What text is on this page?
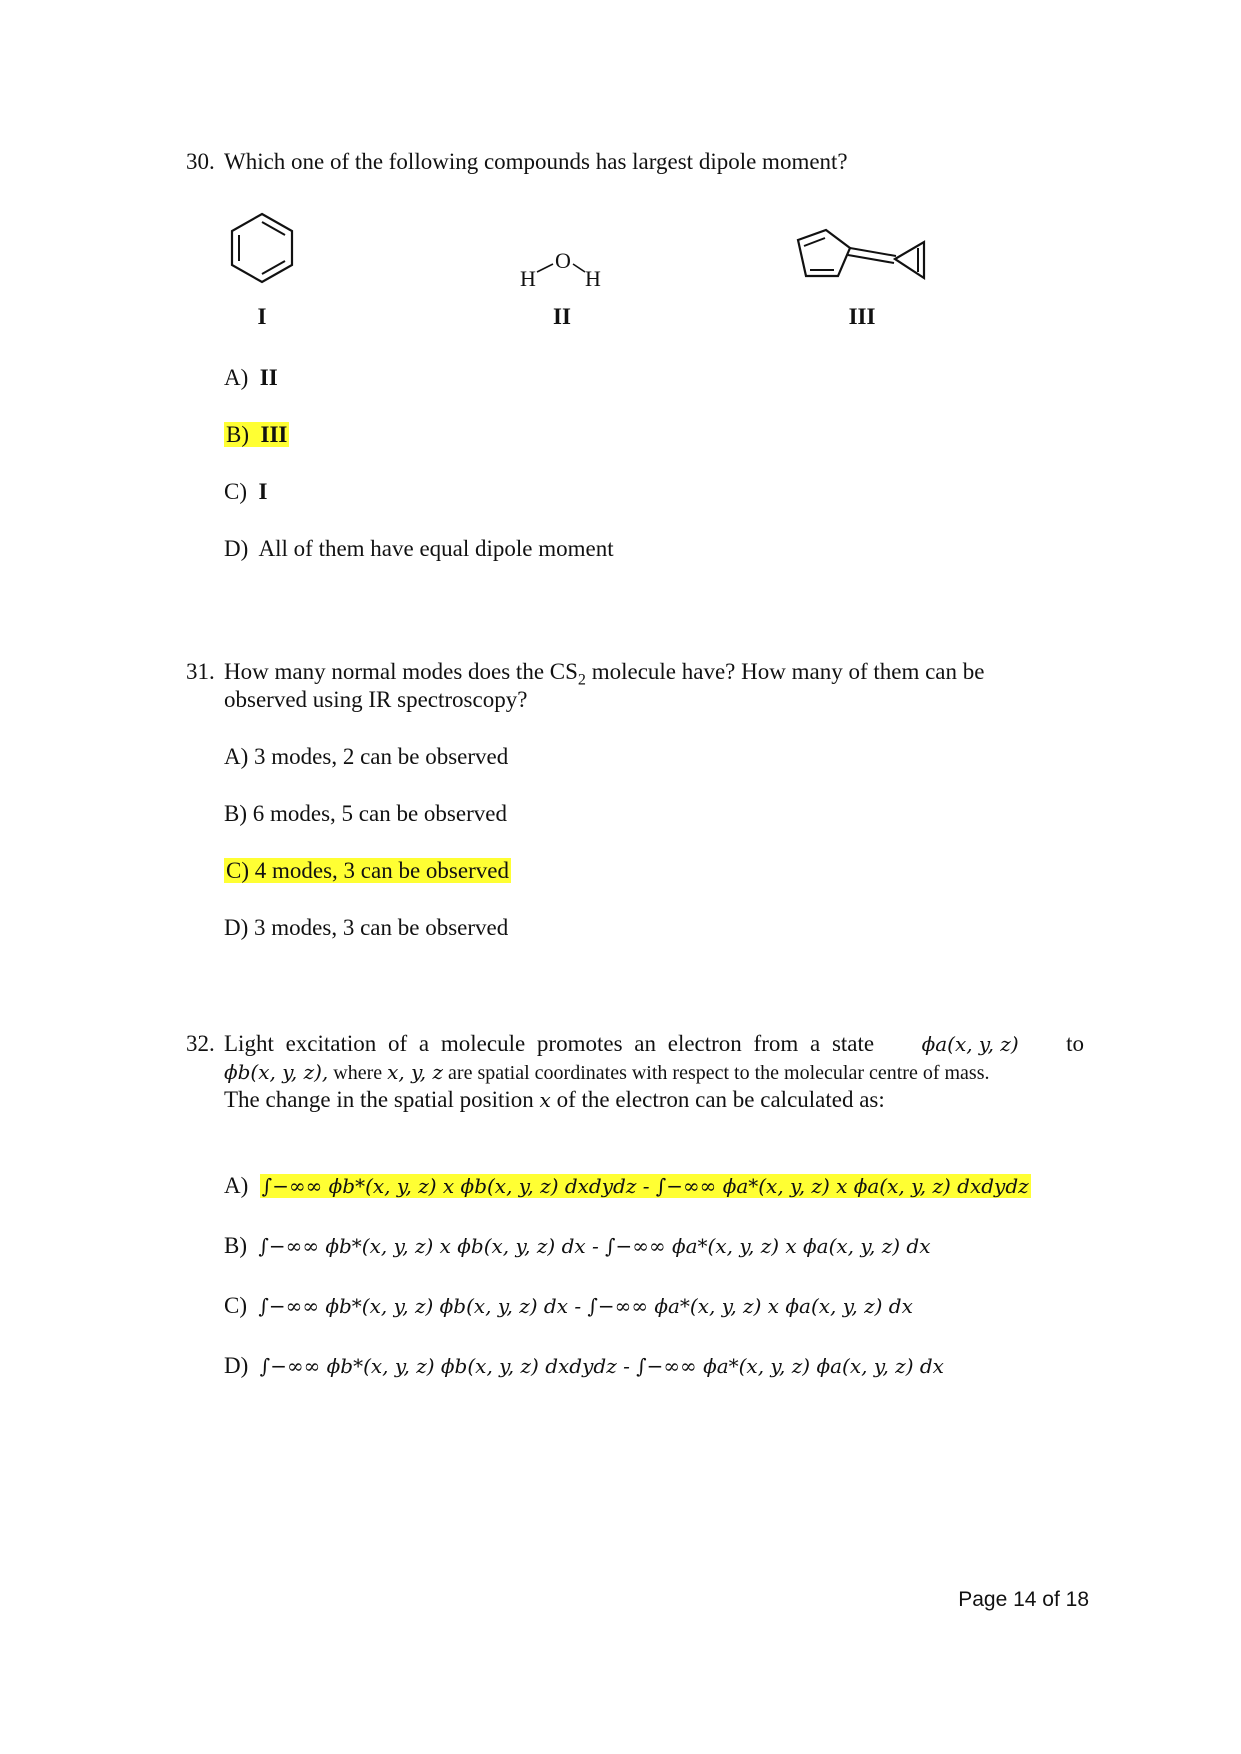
30. Which one of the following compounds has largest dipole moment?
I
O
H H
II	III
A) II
B) III
C) I
D) All of them have equal dipole moment
31. How many normal modes does the $CS_2$ molecule have? How many of them can be
observed using IR spectroscopy?
A) 3 modes, 2 can be observed
B) 6 modes, 5 can be observed
C) 4 modes, 3 can be observed
D) 3 modes, 3 can be observed
32. Light excitation of a molecule promotes an electron from a state ϕa(x, y, z) to
ϕb(x, y, z), where x, y, z are spatial coordinates with respect to the molecular centre of mass.
The change in the spatial position x of the electron can be calculated as:
A) ∫−∞∞ ϕb*(x, y, z) x ϕb(x, y, z) dxdydz - ∫−∞∞ ϕa*(x, y, z) x ϕa(x, y, z) dxdydz
B) ∫−∞∞ ϕb*(x, y, z) x ϕb(x, y, z) dx - ∫−∞∞ ϕa*(x, y, z) x ϕa(x, y, z) dx
C) ∫−∞∞ ϕb*(x, y, z) ϕb(x, y, z) dx - ∫−∞∞ ϕa*(x, y, z) x ϕa(x, y, z) dx
D) ∫−∞∞ ϕb*(x, y, z) ϕb(x, y, z) dxdydz - ∫−∞∞ ϕa*(x, y, z) ϕa(x, y, z) dx
Page 14 of 18
